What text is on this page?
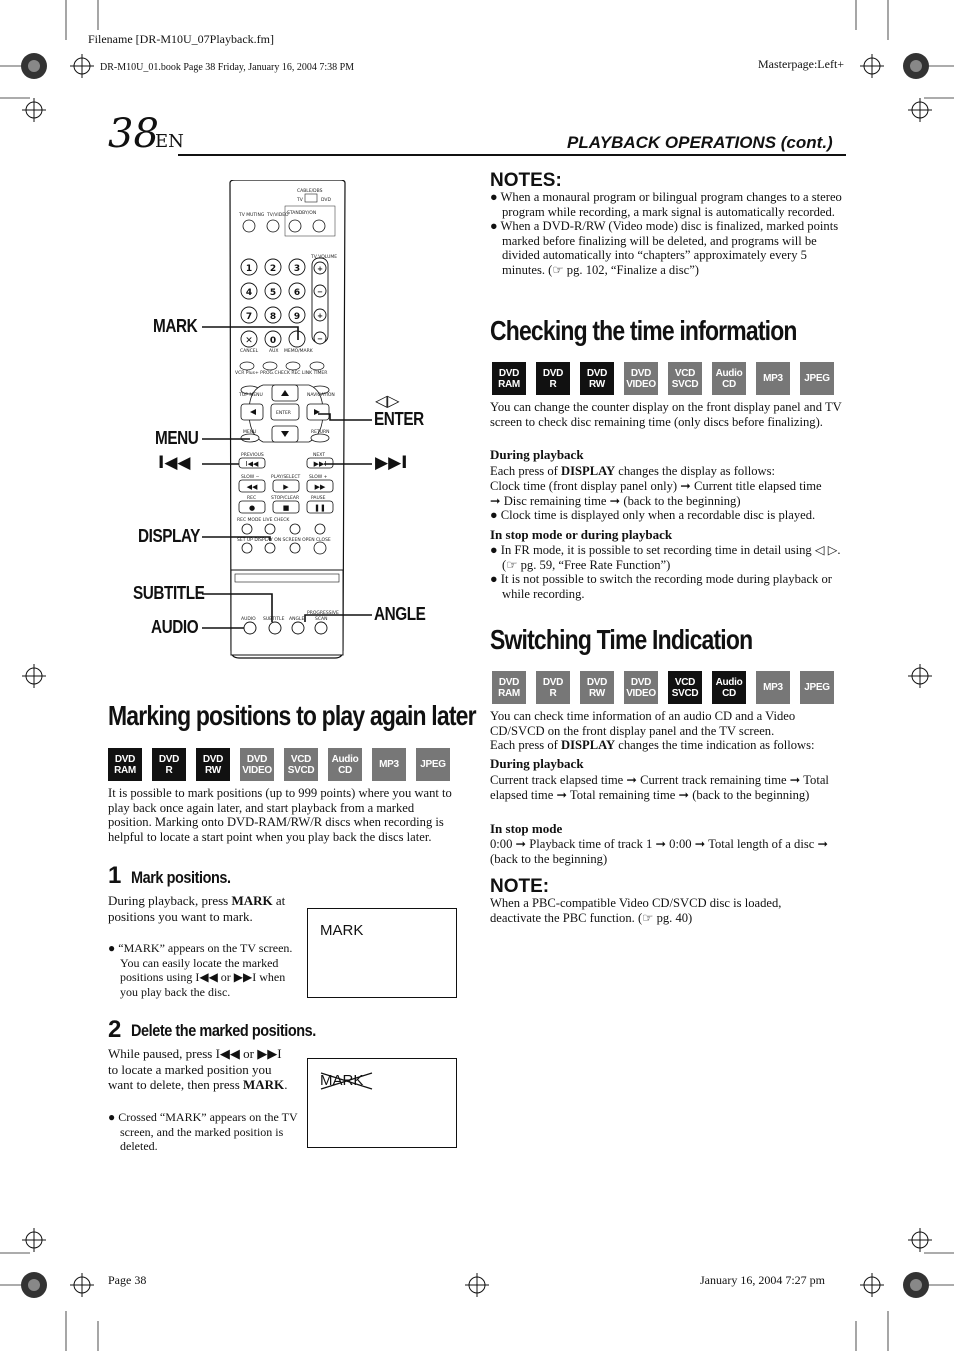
Filename [DR-M10U_07Playback.fm]
DR-M10U_01.book Page 38 Friday, January 16, 2004 7:38 PM	Masterpage:Left+
38
EN	PLAYBACK OPERATIONS (cont.)
1 2 3
4 5 6
7 8 9
✕ 0
+
−
+
−
I◀◀	▶▶I
◀◀	▶	▶▶
●	■	❚❚
CABLE/DBS
TV	DVD
TV MUTING TV/VIDEO
STANDBY/ON
TV VOLUME
CANCEL AUX MEMO/MARK
VCR Plus+ PROG.CHECK REC LINK TIMER
TOP MENU	NAVIGATION
ENTER
MENU	RETURN
PREVIOUS	NEXT
SLOW −	PLAY/SELECT SLOW +
REC	STOP/CLEAR	PAUSE
REC MODE LIVE CHECK
SET UP DISPLAY ON SCREEN OPEN CLOSE
AUDIO SUBTITLE ANGLE
PROGRESSIVE
SCAN
MARK
MENU
I◀◀
DISPLAY
SUBTITLE
AUDIO
◁▷
ENTER
▶▶I
ANGLE
Marking positions to play again later
DVD
RAM
DVD
R
DVD
RW
DVD
VIDEO
VCD
SVCD
Audio
CD	MP3 JPEG
It is possible to mark positions (up to 999 points) where you want to play back once again later, and start playback from a marked position. Marking onto DVD-RAM/RW/R discs when recording is helpful to locate a start point when you play back the discs later.
1 Mark positions.
During playback, press MARK at positions you want to mark.
● “MARK” appears on the TV screen. You can easily locate the marked positions using I◀◀ or ▶▶I when you play back the disc.
MARK
2 Delete the marked positions.
While paused, press I◀◀ or ▶▶I to locate a marked position you want to delete, then press MARK.
● Crossed “MARK” appears on the TV screen, and the marked position is deleted.
MARK
NOTES:
● When a monaural program or bilingual program changes to a stereo program while recording, a mark signal is automatically recorded.
● When a DVD-R/RW (Video mode) disc is finalized, marked points marked before finalizing will be deleted, and programs will be divided automatically into “chapters” approximately every 5 minutes. (☞ pg. 102, “Finalize a disc”)
Checking the time information
DVD
RAM
DVD
R
DVD
RW
DVD
VIDEO
VCD
SVCD
Audio
CD	MP3 JPEG
You can change the counter display on the front display panel and TV screen to check disc remaining time (only discs before finalizing).
During playback
Each press of DISPLAY changes the display as follows:
Clock time (front display panel only) ➞ Current title elapsed time ➞ Disc remaining time ➞ (back to the beginning)
● Clock time is displayed only when a recordable disc is played.
In stop mode or during playback
● In FR mode, it is possible to set recording time in detail using ◁ ▷. (☞ pg. 59, “Free Rate Function”)
● It is not possible to switch the recording mode during playback or while recording.
Switching Time Indication
DVD
RAM
DVD
R
DVD
RW
DVD
VIDEO
VCD
SVCD
Audio
CD	MP3 JPEG
You can check time information of an audio CD and a Video CD/SVCD on the front display panel and the TV screen.
Each press of DISPLAY changes the time indication as follows:
During playback
Current track elapsed time ➞ Current track remaining time ➞ Total elapsed time ➞ Total remaining time ➞ (back to the beginning)
In stop mode
0:00 ➞ Playback time of track 1 ➞ 0:00 ➞ Total length of a disc ➞ (back to the beginning)
NOTE:
When a PBC-compatible Video CD/SVCD disc is loaded, deactivate the PBC function. (☞ pg. 40)
Page 38	January 16, 2004 7:27 pm
